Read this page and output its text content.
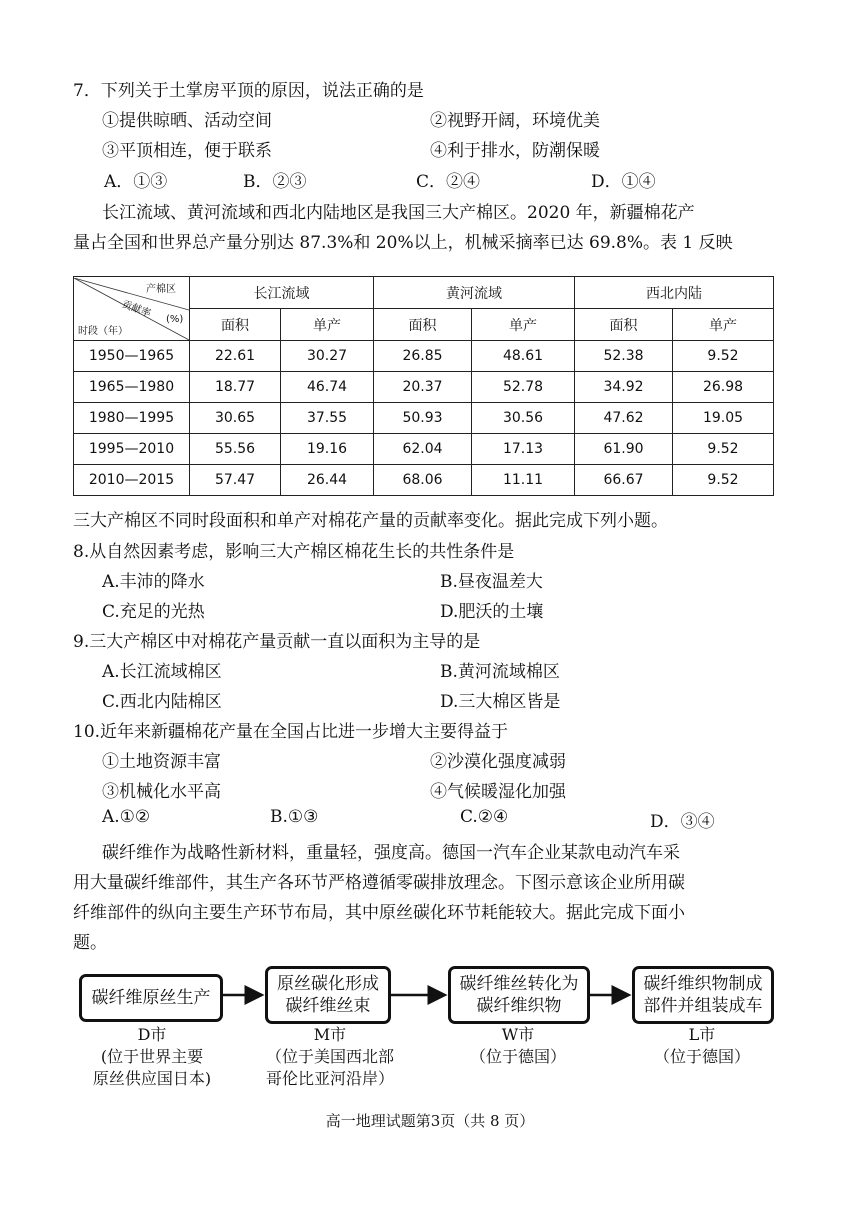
7．下列关于土掌房平顶的原因，说法正确的是
①提供晾晒、活动空间	②视野开阔，环境优美
③平顶相连，便于联系	④利于排水，防潮保暖
A．①③	B．②③	C．②④	D．①④
长江流域、黄河流域和西北内陆地区是我国三大产棉区。2020 年，新疆棉花产
量占全国和世界总产量分别达 87.3%和 20%以上，机械采摘率已达 69.8%。表 1 反映
产棉区
贡献率 (%)
时段（年）	长江流域		黄河流域		西北内陆	
	面积	单产	面积	单产	面积	单产
1950—1965	22.61	30.27	26.85	48.61	52.38	9.52
1965—1980	18.77	46.74	20.37	52.78	34.92	26.98
1980—1995	30.65	37.55	50.93	30.56	47.62	19.05
1995—2010	55.56	19.16	62.04	17.13	61.90	9.52
2010—2015	57.47	26.44	68.06	11.11	66.67	9.52
三大产棉区不同时段面积和单产对棉花产量的贡献率变化。据此完成下列小题。
8.从自然因素考虑，影响三大产棉区棉花生长的共性条件是
A.丰沛的降水	B.昼夜温差大
C.充足的光热	D.肥沃的土壤
9.三大产棉区中对棉花产量贡献一直以面积为主导的是
A.长江流域棉区	B.黄河流域棉区
C.西北内陆棉区	D.三大棉区皆是
10.近年来新疆棉花产量在全国占比进一步增大主要得益于
①土地资源丰富	②沙漠化强度减弱
③机械化水平高	④气候暖湿化加强
A.①②	B.①③	C.②④	D．③④
碳纤维作为战略性新材料，重量轻，强度高。德国一汽车企业某款电动汽车采
用大量碳纤维部件，其生产各环节严格遵循零碳排放理念。下图示意该企业所用碳
纤维部件的纵向主要生产环节布局，其中原丝碳化环节耗能较大。据此完成下面小
题。
碳纤维原丝生产
原丝碳化形成
碳纤维丝束
碳纤维丝转化为
碳纤维织物
碳纤维织物制成
部件并组装成车
D市
(位于世界主要
原丝供应国日本)
M市
（位于美国西北部
哥伦比亚河沿岸）
W市
（位于德国）
L市
（位于德国）
高一地理试题第3页（共 8 页）
